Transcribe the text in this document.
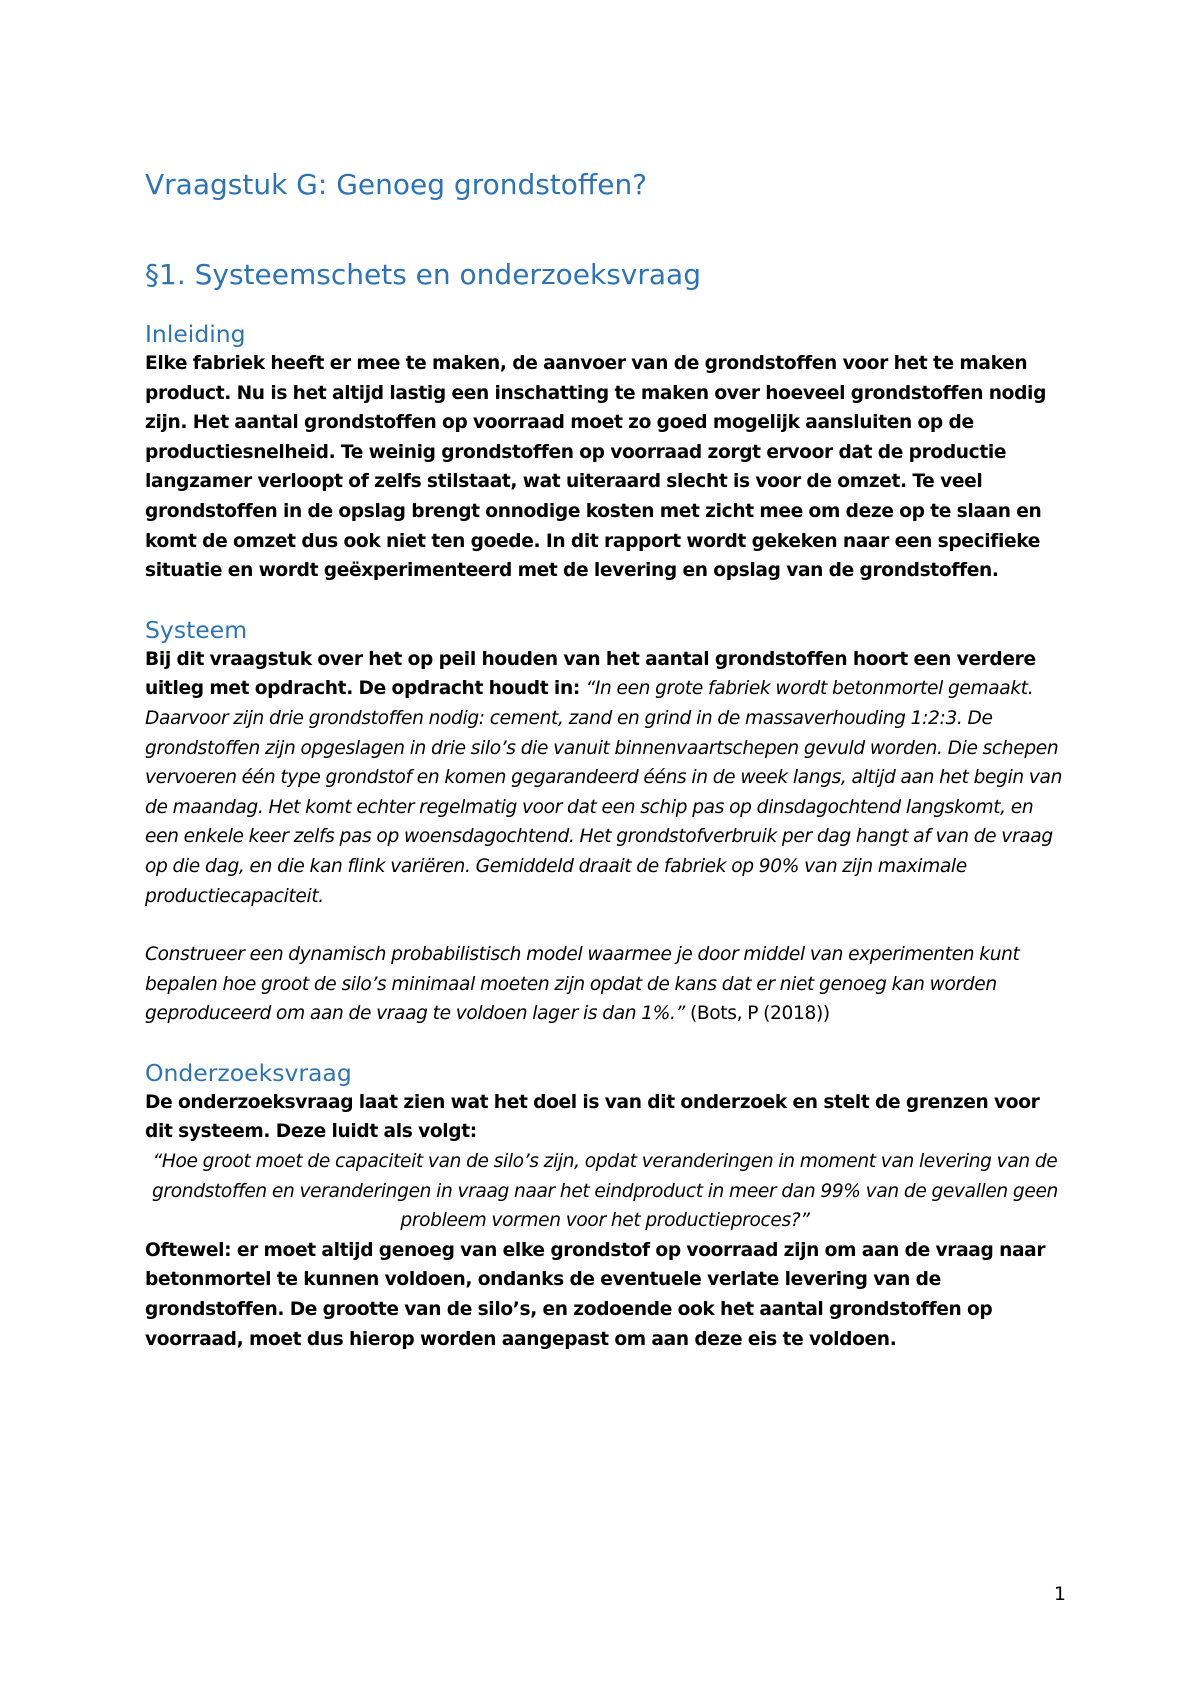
Vraagstuk G: Genoeg grondstoffen?
§1. Systeemschets en onderzoeksvraag
Inleiding

Elke fabriek heeft er mee te maken, de aanvoer van de grondstoffen voor het te maken product. Nu is het altijd lastig een inschatting te maken over hoeveel grondstoffen nodig zijn. Het aantal grondstoffen op voorraad moet zo goed mogelijk aansluiten op de productiesnelheid. Te weinig grondstoffen op voorraad zorgt ervoor dat de productie langzamer verloopt of zelfs stilstaat, wat uiteraard slecht is voor de omzet. Te veel grondstoffen in de opslag brengt onnodige kosten met zicht mee om deze op te slaan en komt de omzet dus ook niet ten goede. In dit rapport wordt gekeken naar een specifieke situatie en wordt geëxperimenteerd met de levering en opslag van de grondstoffen.

Systeem

Bij dit vraagstuk over het op peil houden van het aantal grondstoffen hoort een verdere uitleg met opdracht. De opdracht houdt in: “In een grote fabriek wordt betonmortel gemaakt. Daarvoor zijn drie grondstoffen nodig: cement, zand en grind in de massaverhouding 1:2:3. De grondstoffen zijn opgeslagen in drie silo’s die vanuit binnenvaartschepen gevuld worden. Die schepen vervoeren één type grondstof en komen gegarandeerd ééns in de week langs, altijd aan het begin van de maandag. Het komt echter regelmatig voor dat een schip pas op dinsdagochtend langskomt, en een enkele keer zelfs pas op woensdagochtend. Het grondstofverbruik per dag hangt af van de vraag op die dag, en die kan flink variëren. Gemiddeld draait de fabriek op 90% van zijn maximale productiecapaciteit.

Construeer een dynamisch probabilistisch model waarmee je door middel van experimenten kunt bepalen hoe groot de silo’s minimaal moeten zijn opdat de kans dat er niet genoeg kan worden geproduceerd om aan de vraag te voldoen lager is dan 1%.” (Bots, P (2018))

Onderzoeksvraag

De onderzoeksvraag laat zien wat het doel is van dit onderzoek en stelt de grenzen voor dit systeem. Deze luidt als volgt:

“Hoe groot moet de capaciteit van de silo’s zijn, opdat veranderingen in moment van levering van de grondstoffen en veranderingen in vraag naar het eindproduct in meer dan 99% van de gevallen geen probleem vormen voor het productieproces?”

Oftewel: er moet altijd genoeg van elke grondstof op voorraad zijn om aan de vraag naar betonmortel te kunnen voldoen, ondanks de eventuele verlate levering van de grondstoffen. De grootte van de silo’s, en zodoende ook het aantal grondstoffen op voorraad, moet dus hierop worden aangepast om aan deze eis te voldoen.

1
